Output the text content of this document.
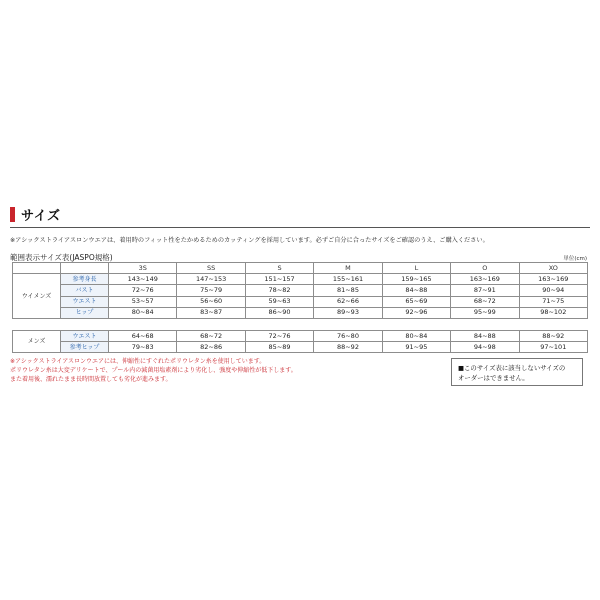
サイズ
※アシックストライアスロンウエアは、着用時のフィット性をたかめるためのカッティングを採用しています。必ずご自分に合ったサイズをご確認のうえ、ご購入ください。
範囲表示サイズ表(JASPO規格)	単位(cm)
		3S	SS	S	M	L	O	XO
ウイメンズ	参考身長	143~149	147~153	151~157	155~161	159~165	163~169	163~169
	バスト	72~76	75~79	78~82	81~85	84~88	87~91	90~94
	ウエスト	53~57	56~60	59~63	62~66	65~69	68~72	71~75
	ヒップ	80~84	83~87	86~90	89~93	92~96	95~99	98~102
メンズ	ウエスト	64~68	68~72	72~76	76~80	80~84	84~88	88~92
	参考ヒップ	79~83	82~86	85~89	88~92	91~95	94~98	97~101
※アシックストライアスロンウエアには、伸縮性にすぐれたポリウレタン糸を使用しています。
ポリウレタン糸は大変デリケートで、プール内の減菌用塩素剤により劣化し、強度や伸縮性が低下します。
また着用後、濡れたまま長時間放置しても劣化が進みます。
■このサイズ表に該当しないサイズの
オーダーはできません。
